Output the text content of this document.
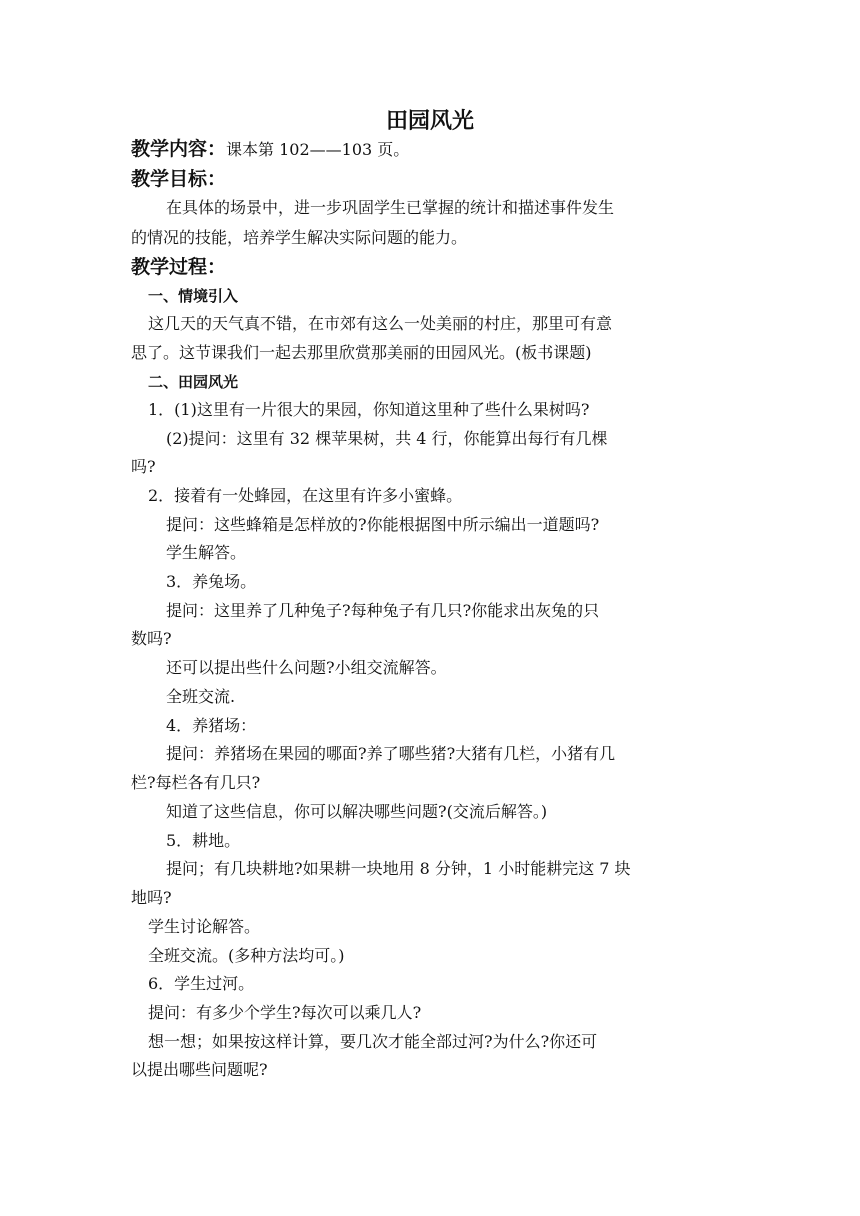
田园风光
教学内容：课本第 102——103 页。
教学目标：
在具体的场景中，进一步巩固学生已掌握的统计和描述事件发生
的情况的技能，培养学生解决实际问题的能力。
教学过程：
一、情境引入
这几天的天气真不错，在市郊有这么一处美丽的村庄，那里可有意
思了。这节课我们一起去那里欣赏那美丽的田园风光。(板书课题)
二、田园风光
1．(1)这里有一片很大的果园，你知道这里种了些什么果树吗?
(2)提问：这里有 32 棵苹果树，共 4 行，你能算出每行有几棵
吗?
2．接着有一处蜂园，在这里有许多小蜜蜂。
提问：这些蜂箱是怎样放的?你能根据图中所示编出一道题吗?
学生解答。
3．养兔场。
提问：这里养了几种兔子?每种兔子有几只?你能求出灰兔的只
数吗?
还可以提出些什么问题?小组交流解答。
全班交流.
4．养猪场：
提问：养猪场在果园的哪面?养了哪些猪?大猪有几栏，小猪有几
栏?每栏各有几只?
知道了这些信息，你可以解决哪些问题?(交流后解答。)
5．耕地。
提问；有几块耕地?如果耕一块地用 8 分钟，1 小时能耕完这 7 块
地吗?
学生讨论解答。
全班交流。(多种方法均可。)
6．学生过河。
提问：有多少个学生?每次可以乘几人?
想一想；如果按这样计算，要几次才能全部过河?为什么?你还可
以提出哪些问题呢?
